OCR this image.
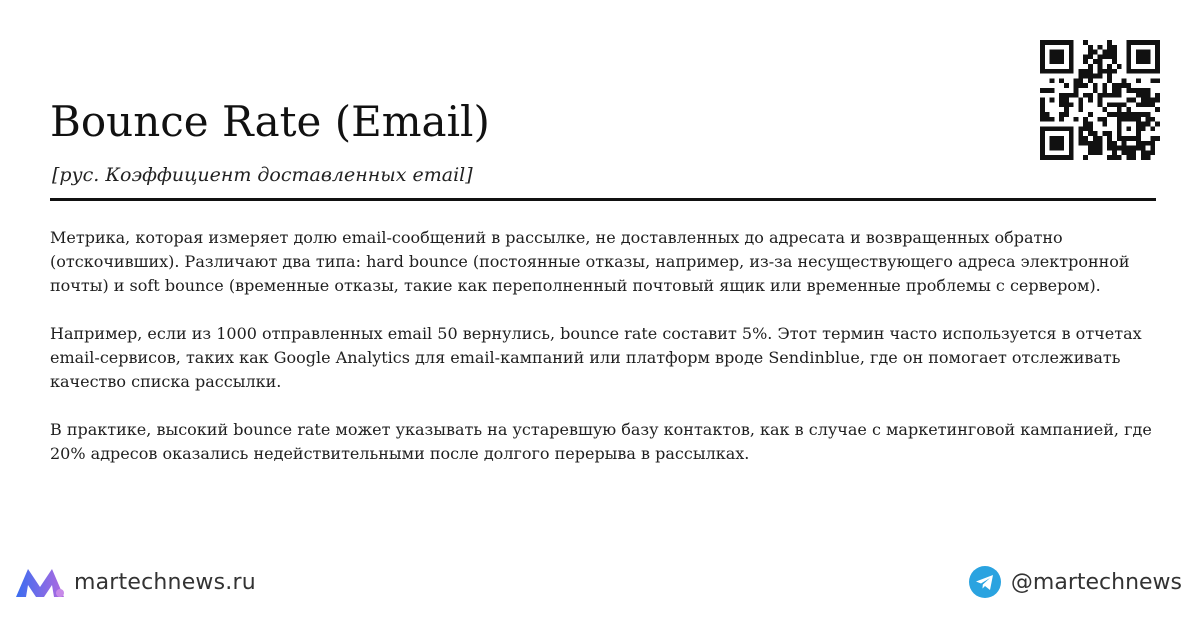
Bounce Rate (Email)

[рус. Коэффициент доставленных email]

Метрика, которая измеряет долю email-сообщений в рассылке, не доставленных до адресата и возвращенных обратно (отскочивших). Различают два типа: hard bounce (постоянные отказы, например, из-за несуществующего адреса электронной почты) и soft bounce (временные отказы, такие как переполненный почтовый ящик или временные проблемы с сервером).

Например, если из 1000 отправленных email 50 вернулись, bounce rate составит 5%. Этот термин часто используется в отчетах email-сервисов, таких как Google Analytics для email-кампаний или платформ вроде Sendinblue, где он помогает отслеживать качество списка рассылки.

В практике, высокий bounce rate может указывать на устаревшую базу контактов, как в случае с маркетинговой кампанией, где 20% адресов оказались недействительными после долгого перерыва в рассылках.

martechnews.ru	@martechnews
